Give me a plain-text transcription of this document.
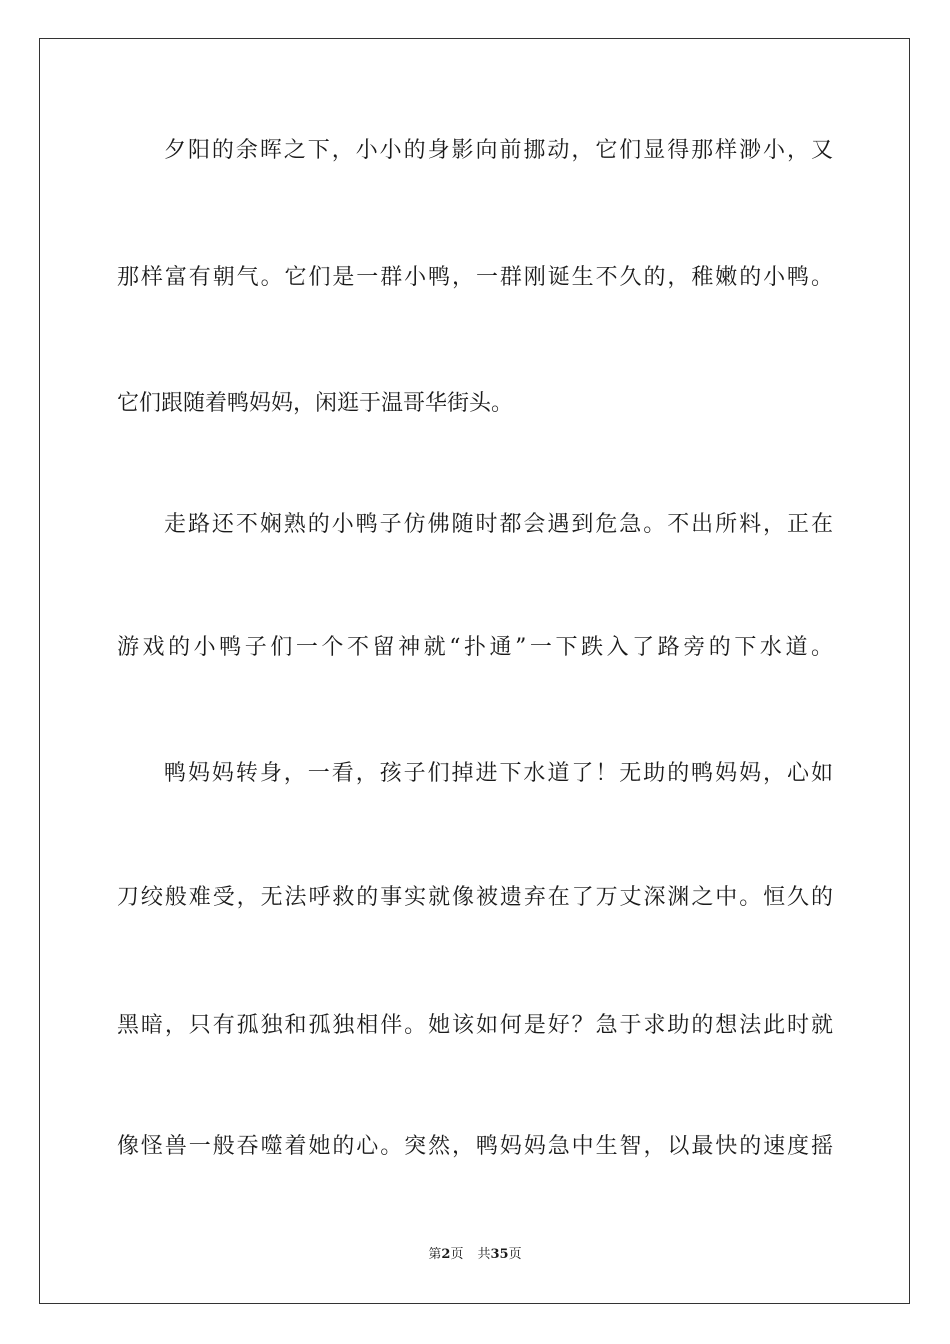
夕阳的余晖之下，小小的身影向前挪动，它们显得那样渺小，又
那样富有朝气。它们是一群小鸭，一群刚诞生不久的，稚嫩的小鸭。
它们跟随着鸭妈妈，闲逛于温哥华街头。
走路还不娴熟的小鸭子仿佛随时都会遇到危急。不出所料，正在
游戏的小鸭子们一个不留神就“扑通”一下跌入了路旁的下水道。
鸭妈妈转身，一看，孩子们掉进下水道了！无助的鸭妈妈，心如
刀绞般难受，无法呼救的事实就像被遗弃在了万丈深渊之中。恒久的
黑暗，只有孤独和孤独相伴。她该如何是好？急于求助的想法此时就
像怪兽一般吞噬着她的心。突然，鸭妈妈急中生智，以最快的速度摇
第2页 共35页
